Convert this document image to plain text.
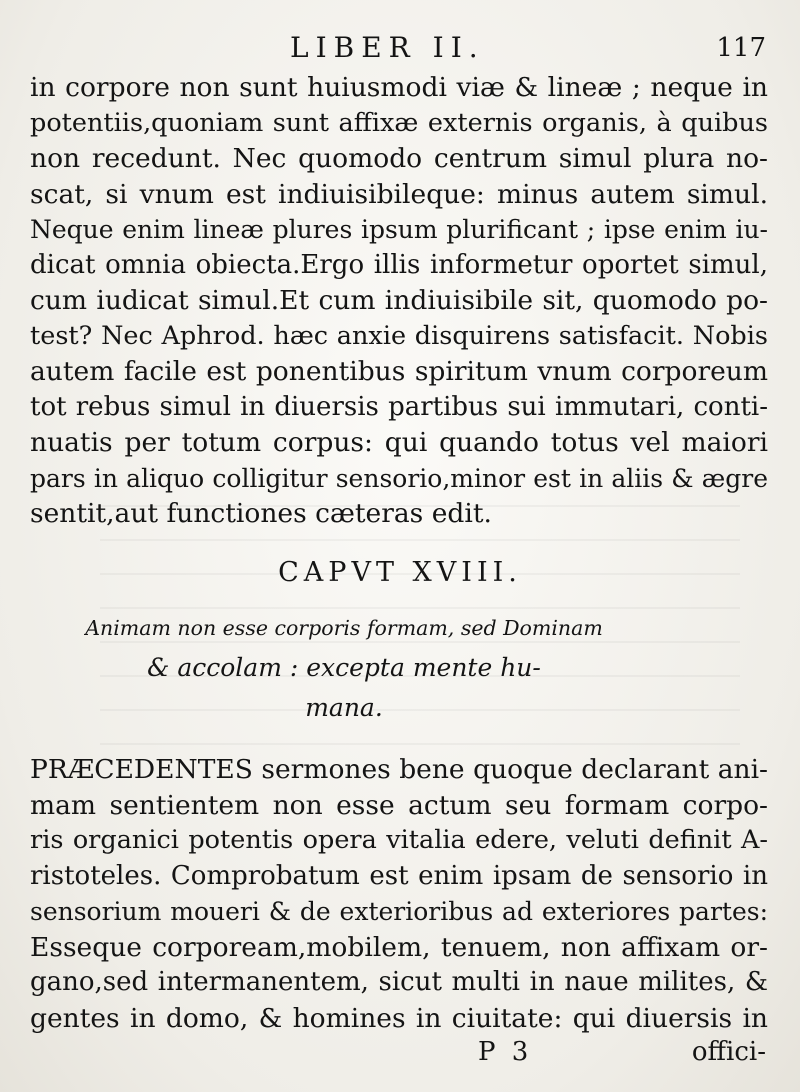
LIBER II.	117
in corpore non sunt huiusmodi viæ & lineæ ; neque in
potentiis,quoniam sunt affixæ externis organis, à quibus
non recedunt. Nec quomodo centrum simul plura no-
scat, si vnum est indiuisibileque: minus autem simul.
Neque enim lineæ plures ipsum plurificant ; ipse enim iu-
dicat omnia obiecta.Ergo illis informetur oportet simul,
cum iudicat simul.Et cum indiuisibile sit, quomodo po-
test? Nec Aphrod. hæc anxie disquirens satisfacit. Nobis
autem facile est ponentibus spiritum vnum corporeum
tot rebus simul in diuersis partibus sui immutari, conti-
nuatis per totum corpus: qui quando totus vel maiori
pars in aliquo colligitur sensorio,minor est in aliis & ægre
sentit,aut functiones cæteras edit.
CAPVT XVIII.
Animam non esse corporis formam, sed Dominam
& accolam : excepta mente hu-
mana.
PRÆCEDENTES sermones bene quoque declarant ani-
mam sentientem non esse actum seu formam corpo-
ris organici potentis opera vitalia edere, veluti definit A-
ristoteles. Comprobatum est enim ipsam de sensorio in
sensorium moueri & de exterioribus ad exteriores partes:
Esseque corpoream,mobilem, tenuem, non affixam or-
gano,sed intermanentem, sicut multi in naue milites, &
gentes in domo, & homines in ciuitate: qui diuersis in
P 3	offici-
